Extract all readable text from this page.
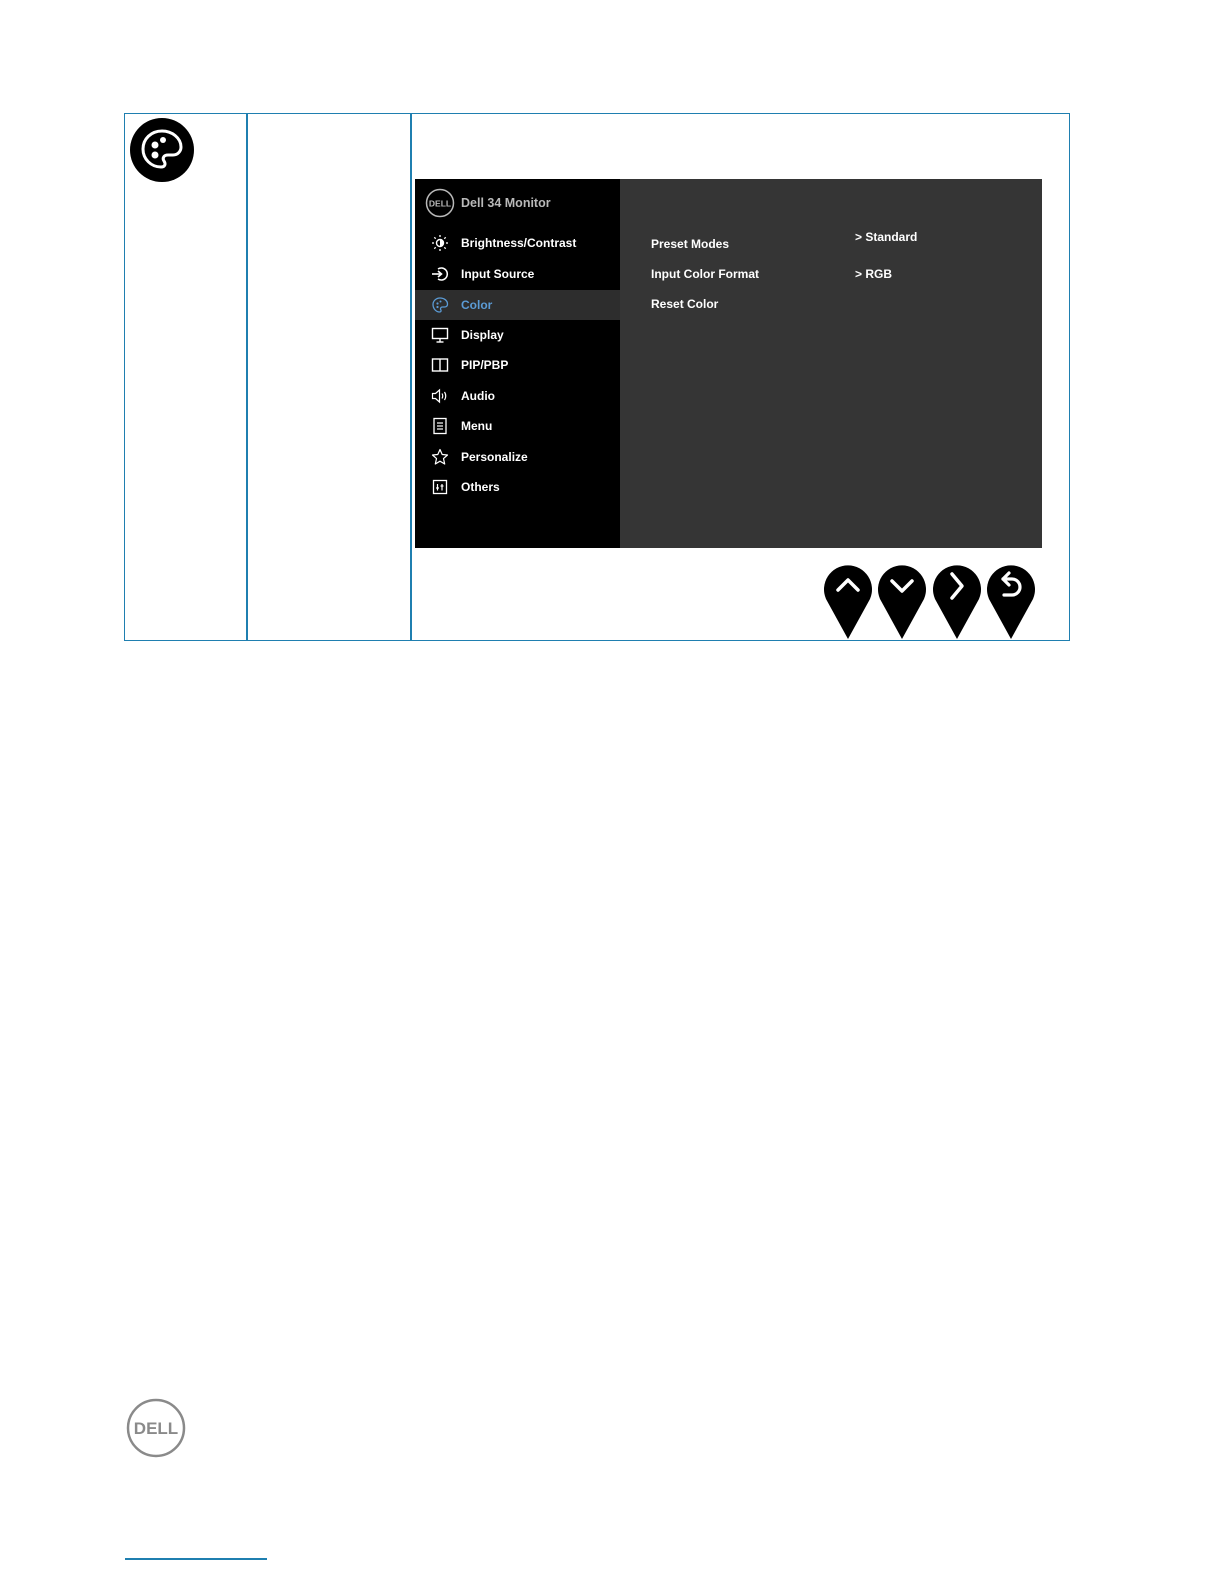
DELL Dell 34 Monitor
Brightness/Contrast
Input Source
Color
Display
PIP/PBP
Audio
Menu
Personalize
Others
Preset Modes	> Standard
Input Color Format	> RGB
Reset Color
DELL
